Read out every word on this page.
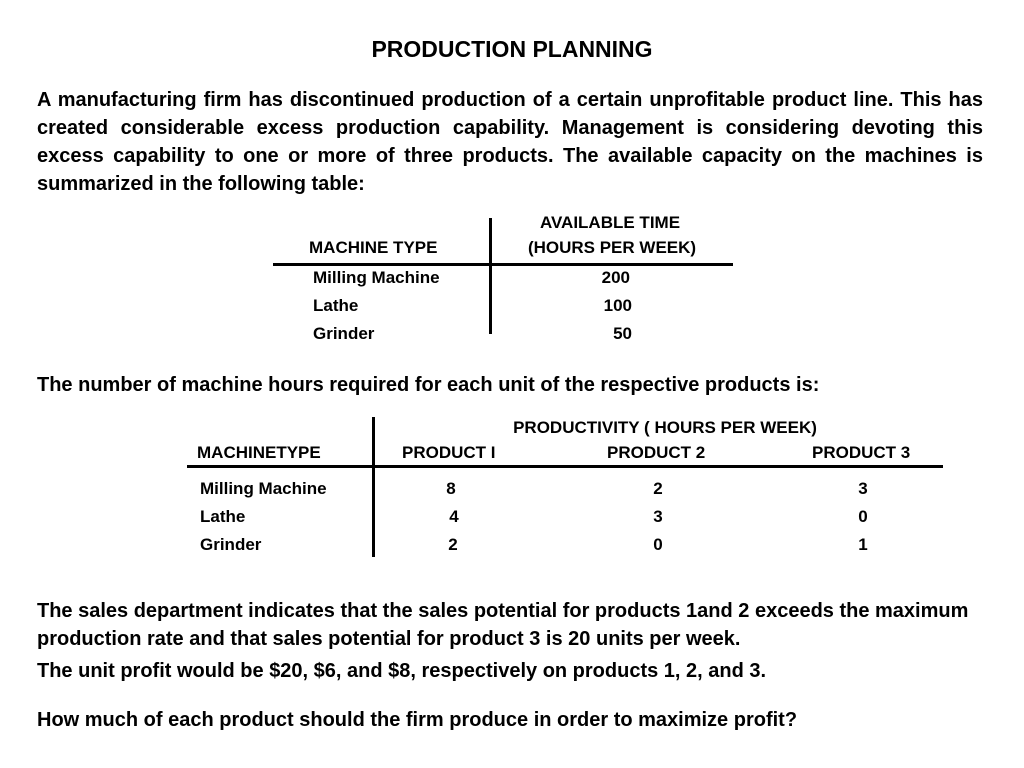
PRODUCTION PLANNING

A manufacturing firm has discontinued production of a certain unprofitable product line. This has created considerable excess production capability. Management is considering devoting this excess capability to one or more of three products. The available capacity on the machines is summarized in the following table:

AVAILABLE TIME
MACHINE TYPE	(HOURS PER WEEK)
Milling Machine	200
Lathe	100
Grinder	50

The number of machine hours required for each unit of the respective products is:

PRODUCTIVITY ( HOURS PER WEEK)
MACHINETYPE	PRODUCT I	PRODUCT 2	PRODUCT 3
Milling Machine	8	2	3
Lathe	4	3	0
Grinder	2	0	1

The sales department indicates that the sales potential for products 1and 2 exceeds the maximum production rate and that sales potential for product 3 is 20 units per week.

The unit profit would be $20, $6, and $8, respectively on products 1, 2, and 3.

How much of each product should the firm produce in order to maximize profit?
